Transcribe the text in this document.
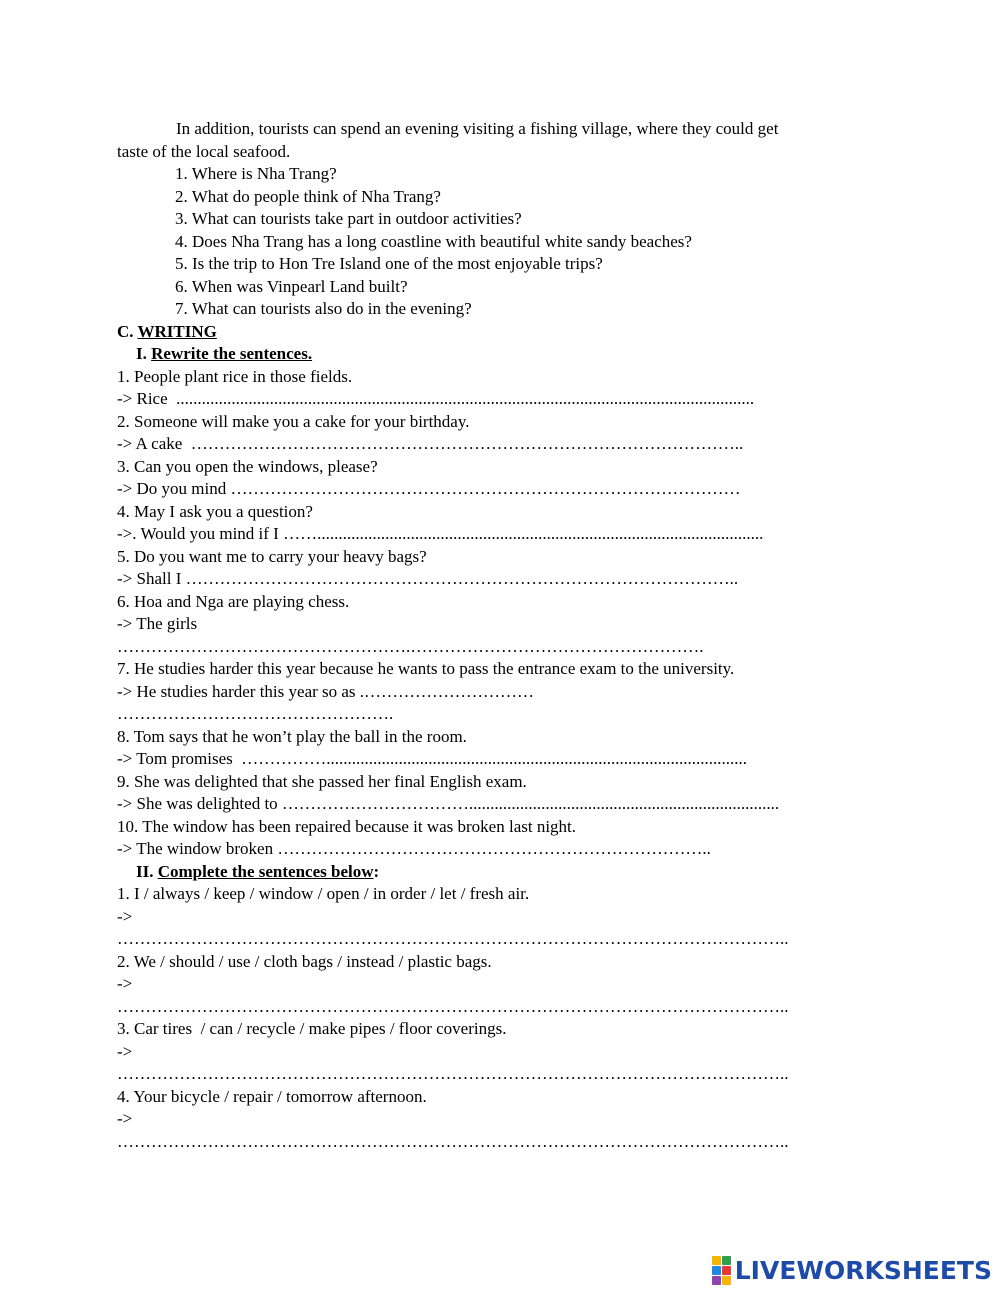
In addition, tourists can spend an evening visiting a fishing village, where they could get
taste of the local seafood.
1. Where is Nha Trang?
2. What do people think of Nha Trang?
3. What can tourists take part in outdoor activities?
4. Does Nha Trang has a long coastline with beautiful white sandy beaches?
5. Is the trip to Hon Tre Island one of the most enjoyable trips?
6. When was Vinpearl Land built?
7. What can tourists also do in the evening?
C. WRITING
I. Rewrite the sentences.
1. People plant rice in those fields.
-> Rice  ........................................................................................................................................
2. Someone will make you a cake for your birthday.
-> A cake  ……………………………………………………………………………………..
3. Can you open the windows, please?
-> Do you mind ………………………………………………………………………………
4. May I ask you a question?
->. Would you mind if I …….........................................................................................................
5. Do you want me to carry your heavy bags?
-> Shall I ……………………………………………………………………………………..
6. Hoa and Nga are playing chess.
-> The girls
…………………………………………….…………………………………………….
7. He studies harder this year because he wants to pass the entrance exam to the university.
-> He studies harder this year so as .…………………………
………………………………………….
8. Tom says that he won’t play the ball in the room.
-> Tom promises  ……………...................................................................................................
9. She was delighted that she passed her final English exam.
-> She was delighted to …………………………….........................................................................
10. The window has been repaired because it was broken last night.
-> The window broken …………………………………………………………………..
II. Complete the sentences below:
1. I / always / keep / window / open / in order / let / fresh air.
->
………………………………………………………………………………………………………..
2. We / should / use / cloth bags / instead / plastic bags.
->
………………………………………………………………………………………………………..
3. Car tires  / can / recycle / make pipes / floor coverings.
->
………………………………………………………………………………………………………..
4. Your bicycle / repair / tomorrow afternoon.
->
………………………………………………………………………………………………………..
LIVEWORKSHEETS
